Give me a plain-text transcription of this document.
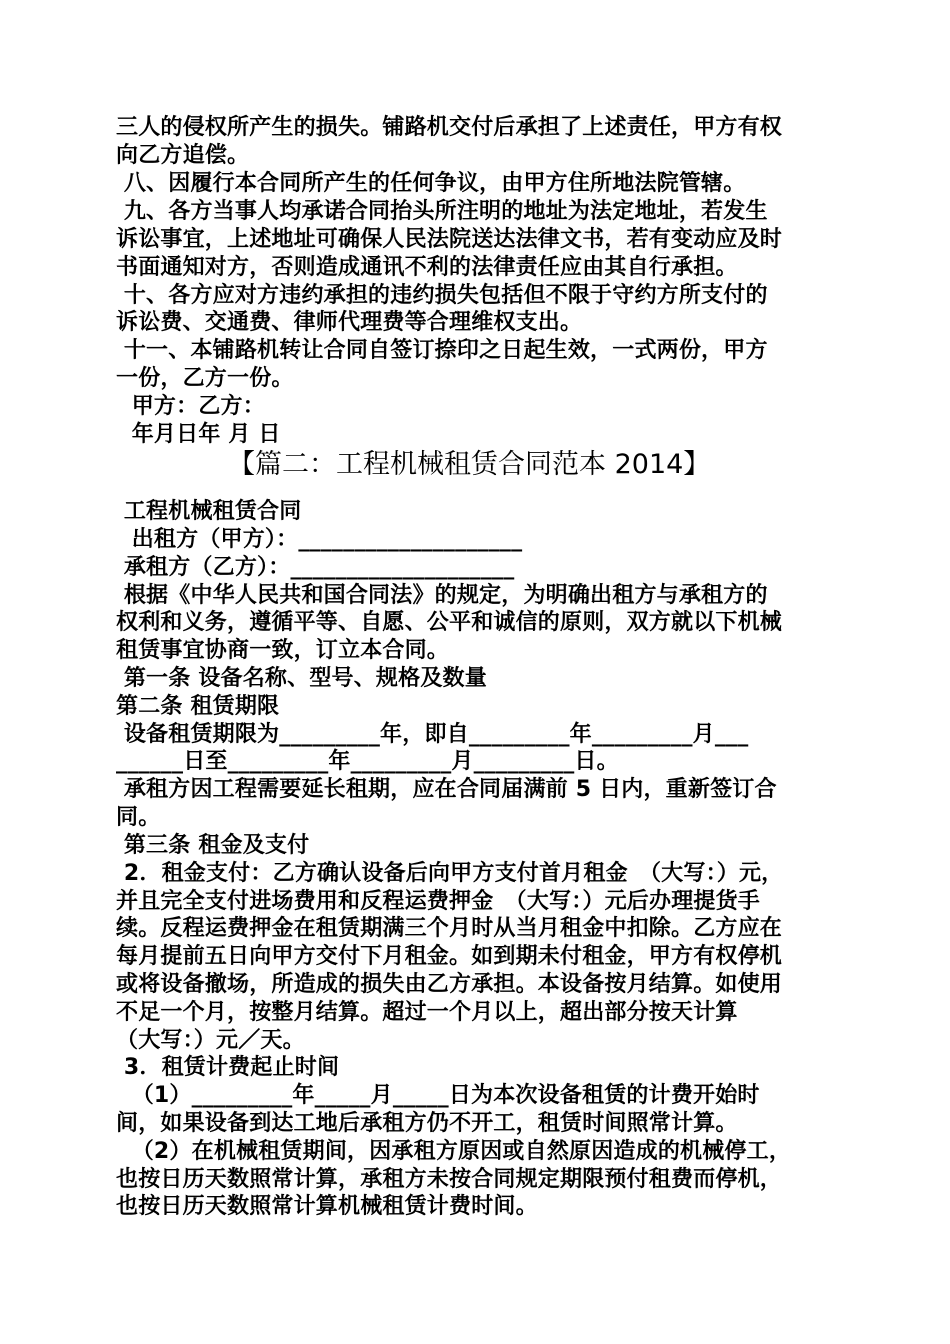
三人的侵权所产生的损失。铺路机交付后承担了上述责任，甲方有权
向乙方追偿。
八、因履行本合同所产生的任何争议，由甲方住所地法院管辖。
九、各方当事人均承诺合同抬头所注明的地址为法定地址，若发生
诉讼事宜，上述地址可确保人民法院送达法律文书，若有变动应及时
书面通知对方，否则造成通讯不利的法律责任应由其自行承担。
十、各方应对方违约承担的违约损失包括但不限于守约方所支付的
诉讼费、交通费、律师代理费等合理维权支出。
十一、本铺路机转让合同自签订捺印之日起生效，一式两份，甲方
一份，乙方一份。
甲方：乙方：
年月日年 月 日
【篇二：工程机械租赁合同范本 2014】
工程机械租赁合同
出租方（甲方）：____________________
承租方（乙方）：____________________
根据《中华人民共和国合同法》的规定，为明确出租方与承租方的
权利和义务，遵循平等、自愿、公平和诚信的原则，双方就以下机械
租赁事宜协商一致，订立本合同。
第一条 设备名称、型号、规格及数量
第二条 租赁期限
设备租赁期限为_________年，即自_________年_________月___
______日至_________年_________月_________日。
承租方因工程需要延长租期，应在合同届满前 5 日内，重新签订合
同。
第三条 租金及支付
2．租金支付：乙方确认设备后向甲方支付首月租金　（大写：）元，
并且完全支付进场费用和反程运费押金　（大写：）元后办理提货手
续。反程运费押金在租赁期满三个月时从当月租金中扣除。乙方应在
每月提前五日向甲方交付下月租金。如到期未付租金，甲方有权停机
或将设备撤场，所造成的损失由乙方承担。本设备按月结算。如使用
不足一个月，按整月结算。超过一个月以上，超出部分按天计算
（大写：）元／天。
3．租赁计费起止时间
（1）_________年_____月_____日为本次设备租赁的计费开始时
间，如果设备到达工地后承租方仍不开工，租赁时间照常计算。
（2）在机械租赁期间，因承租方原因或自然原因造成的机械停工，
也按日历天数照常计算，承租方未按合同规定期限预付租费而停机，
也按日历天数照常计算机械租赁计费时间。
